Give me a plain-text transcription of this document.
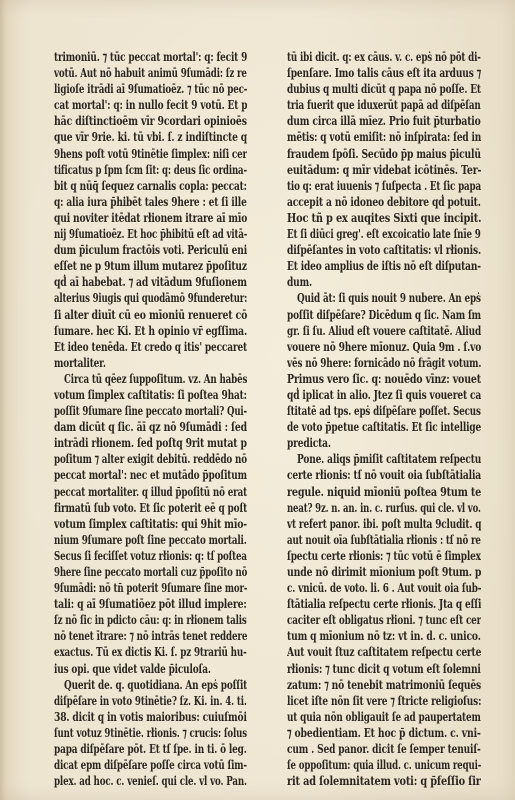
trimoniū. ⁊ tūc peccat mortal': q: fecit 9
votū. Aut nō habuit animū 9ſumādi: ſz re
ligioſe itrādi aī 9ſumatioēz. ⁊ tūc nō pec-
cat mortal': q: in nullo fecit 9 votū. Et p
hāc diſtinctioēm vīr 9cordari opinioēs
que vīr 9rie. ki. tū vbi. ſ. z indiſtincte q
9hens poſt votū 9tinētie ſimplex: niſi cer
tificatus p ſpm ſcm ſit: q: deus ſic ordina-
bit q nūq̄ ſequez carnalis copla: peccat:
q: alia iura p̄hibēt tales 9here : et ſi ille
qui noviter itēdat rłionem itrare aī mīo
nij 9ſumatioēz. Et hoc p̄hibitū eſt ad vitā-
dum p̄iculum fractōis voti. Periculū eni
eſſet ne p 9tum illum mutarez p̄poſituz
qḋ aī habebat. ⁊ ad vitādum 9fuſionem
alterius 9iugis qui quodāmō 9funderetur:
ſi alter diuīt cū eo mīoniū renueret cō
ſumare. hec Ki. Et h opinio vr̄ egſſima.
Et ideo tenēda. Et credo q itis' peccaret
mortaliter.
Circa tū qēez ſuppoſitum. vz. An habēs
votum ſimplex caſtitatis: ſi poſtea 9hat:
poſſit 9ſumare ſine peccato mortali? Qui-
dam dicūt q ſic. āī qz nō 9ſumādi : ſed
intrādi rłionem. ſed poſtq 9rit mutat p
poſitum ⁊ alter exigit debitū. reddēdo nō
peccat mortal': nec et mutādo p̄poſitum
peccat mortaliter. q illud p̄poſitū nō erat
firmatū ſub voto. Et ſic poterit eē q poſt
votum ſimplex caſtitatis: qui 9hit mīo-
nium 9ſumare poſt ſine peccato mortali.
Secus ſi feciſſet votuz rłionis: q: tſ poſtea
9here ſine peccato mortali cuz p̄poſito nō
9ſumādi: nō tn̄ poterit 9ſumare ſine mor-
tali: q aī 9ſumatiōez pōt illud implere:
ſz nō ſic in pdicto cāu: q: in rłionem talis
nō tenet ītrare: ⁊ nō intrās tenet reddere
exactus. Tū ex dictis Ki. ſ. pz 9trariū hu-
ius opi. que videt valde p̄iculoſa.
Querit de. q. quotidiana. An epṡ poſſit
diſpēſare in voto 9tinētie? ſz. Ki. in. 4. ti.
38. dicit q in votis maioribus: cuiuſmōi
ſunt votuz 9tinētie. rłionis. ⁊ crucis: ſolus
papa diſpēſare pōt. Et tſ ſpe. in ti. ō leg.
dicat epm diſpēſare poſſe circa votū ſim-
plex. ad hoc. c. venieſ. qui cle. vl vo. Pan.
tū ibi dicit. q: ex cāus. v. c. epṡ nō pōt di-
ſpenſare. Imo talis cāus eſt ita arduus ⁊
dubius q multi dicūt q papa nō poſſe. Et
tria fuerit que iduxerūt papā ad diſpēſan
dum circa illā mīez. Prio fuit p̄turbatio
mētis: q votū emiſit: nō inſpirata: ſed in
fraudem ſpōſi. Secūdo p̄p maius p̄iculū
euitādum: q mīr videbat icōtinēs. Ter-
tio q: erat iuuenis ⁊ ſuſpecta . Et ſic papa
accepit a nō idoneo debitore qḋ potuit.
Hoc tñ p ex auqites Sixti que incipit.
Et ſi diūci greg'. eſt excoicatio late ſnīe 9
diſpēſantes in voto caſtitatis: vl rłionis.
Et ideo amplius de iſtis nō eſt diſputan-
dum.
Quid āt: ſi quis nouit 9 nubere. An epṡ
poſſit diſpēſare? Dicēdum q ſic. Nam ſm
gr. ſi ſu. Aliud eſt vouere caſtitatē. Aliud
vouere nō 9here mīonuz. Quia 9m . ſ.vo
vēs nō 9here: fornicādo nō frāgit votum.
Primus vero ſic. q: nouēdo vīnz: vouet
qḋ iplicat in alio. Jtez ſi quis voueret ca
ſtitatē ad tps. epṡ diſpēſare poſſet. Secus
de voto p̄petue caſtitatis. Et ſic intellige
predicta.
Pone. aliqs p̄miſit caſtitatem reſpectu
certe rłionis: tſ nō vouit oia ſubſtātialia
regule. niquid mīoniū poſtea 9tum te
neat? 9z. n. an. in. c. rurſus. qui cle. vl vo.
vt refert panor. ibi. poſt multa 9cludit. q
aut nouit oīa ſubſtātialia rłionis : tſ nō re
ſpectu certe rłionis: ⁊ tūc votū ē ſimplex
unde nō dirimit mīonium poſt 9tum. p
c. vnicū. de voto. li. 6 . Aut vouit oia ſub-
ſtātialia reſpectu certe rłionis. Jta q eſſi
caciter eſt obligatus rłioni. ⁊ tunc eſt cer
tum q mīonium nō tz: vt in. d. c. unico.
Aut vouit ſtuz caſtitatem reſpectu certe
rłionis: ⁊ tunc dicit q votum eſt ſolemni
zatum: ⁊ nō tenebit matrimoniū ſequēs
licet iſte nōn ſit vere ⁊ ſtricte religioſus:
ut quia nōn obligauit ſe ad paupertatem
⁊ obedientiam. Et hoc p̄ dictum. c. vni-
cum . Sed panor. dicit ſe ſemper tenuiſ-
ſe oppoſitum: quia illud. c. unicum requi-
rit ad ſolemnitatem voti: q p̄feſſio ſir
